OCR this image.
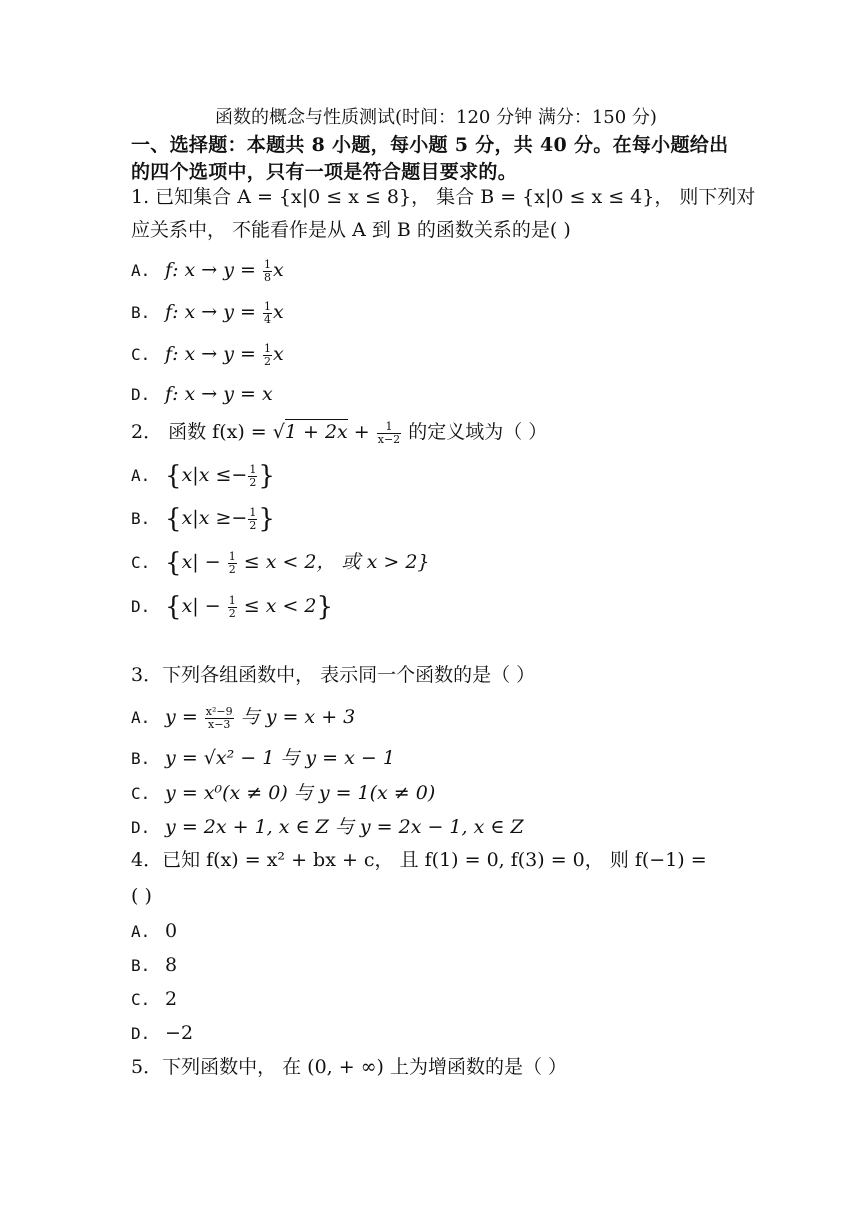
函数的概念与性质测试(时间：120 分钟 满分：150 分)
一、选择题：本题共 8 小题，每小题 5 分，共 40 分。在每小题给出
的四个选项中，只有一项是符合题目要求的。
1. 已知集合 A = {x|0 ≤ x ≤ 8}， 集合 B = {x|0 ≤ x ≤ 4}， 则下列对
应关系中， 不能看作是从 A 到 B 的函数关系的是( )
A. f: $x \to y = \frac{1}{8}$ x
B. f: $x \to y = \frac{1}{4}$ x
C. f: $x \to y = \frac{1}{2}$ x
D. f: x → y = x
2． 函数 $f(x) = √1 + 2x + \frac{1}{x-2}$ 的定义域为（ ）
A. {$x|x \le- \frac{1}{2}$ }
B. {$x|x \ge- \frac{1}{2}$ }
C. {$x| - \frac{1}{2} \le x < 2$， 或 x > 2}
D. $\{x| - \frac{1}{2} \le x < 2\}$
3．下列各组函数中， 表示同一个函数的是（ ）
A. $y = \frac{\text{x²−9}}{x-3}$ 与 y = x + 3
B. y = √x² − 1 与 y = x − 1
C. y = x⁰(x ≠ 0) 与 y = 1(x ≠ 0)
D. y = 2x + 1, x ∈ Z 与 y = 2x − 1, x ∈ Z
4．已知 f(x) = x² + bx + c， 且 f(1) = 0, f(3) = 0， 则 f(−1) =
( )
A. 0
B. 8
C. 2
D. −2
5．下列函数中， 在 (0, + ∞) 上为增函数的是（ ）
